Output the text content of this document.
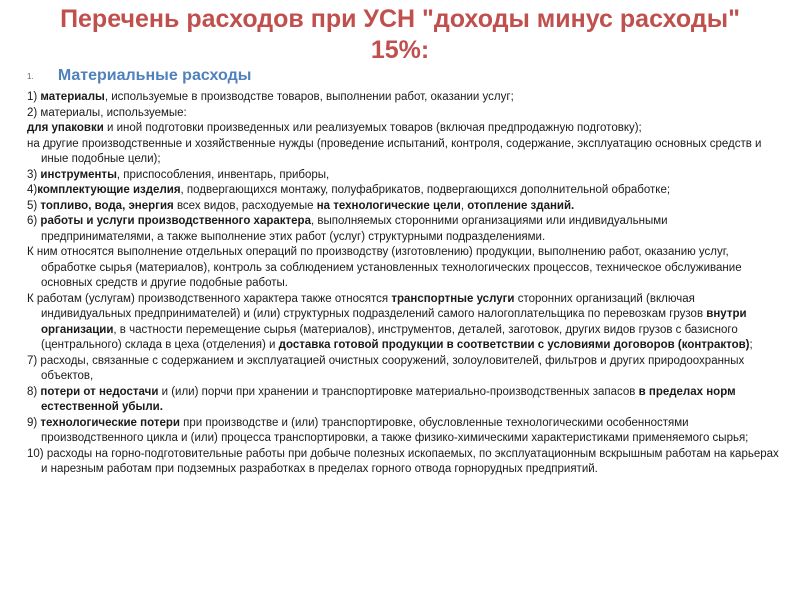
Перечень расходов при УСН "доходы минус расходы"
15%:
1. Материальные расходы
1) материалы, используемые в производстве товаров, выполнении работ, оказании услуг;
2) материалы, используемые:
для упаковки и иной подготовки произведенных или реализуемых товаров (включая предпродажную подготовку);
на другие производственные и хозяйственные нужды (проведение испытаний, контроля, содержание, эксплуатацию основных средств и иные подобные цели);
3) инструменты, приспособления, инвентарь, приборы,
4)комплектующие изделия, подвергающихся монтажу, полуфабрикатов, подвергающихся дополнительной обработке;
5) топливо, вода, энергия всех видов, расходуемые на технологические цели, отопление зданий.
6) работы и услуги производственного характера, выполняемых сторонними организациями или индивидуальными предпринимателями, а также выполнение этих работ (услуг) структурными подразделениями.
К ним относятся выполнение отдельных операций по производству (изготовлению) продукции, выполнению работ, оказанию услуг, обработке сырья (материалов), контроль за соблюдением установленных технологических процессов, техническое обслуживание основных средств и другие подобные работы.
К работам (услугам) производственного характера также относятся транспортные услуги сторонних организаций (включая индивидуальных предпринимателей) и (или) структурных подразделений самого налогоплательщика по перевозкам грузов внутри организации, в частности перемещение сырья (материалов), инструментов, деталей, заготовок, других видов грузов с базисного (центрального) склада в цеха (отделения) и доставка готовой продукции в соответствии с условиями договоров (контрактов);
7) расходы, связанные с содержанием и эксплуатацией очистных сооружений, золоуловителей, фильтров и других природоохранных объектов,
8) потери от недостачи и (или) порчи при хранении и транспортировке материально-производственных запасов в пределах норм естественной убыли.
9) технологические потери при производстве и (или) транспортировке, обусловленные технологическими особенностями производственного цикла и (или) процесса транспортировки, а также физико-химическими характеристиками применяемого сырья;
10) расходы на горно-подготовительные работы при добыче полезных ископаемых, по эксплуатационным вскрышным работам на карьерах и нарезным работам при подземных разработках в пределах горного отвода горнорудных предприятий.
